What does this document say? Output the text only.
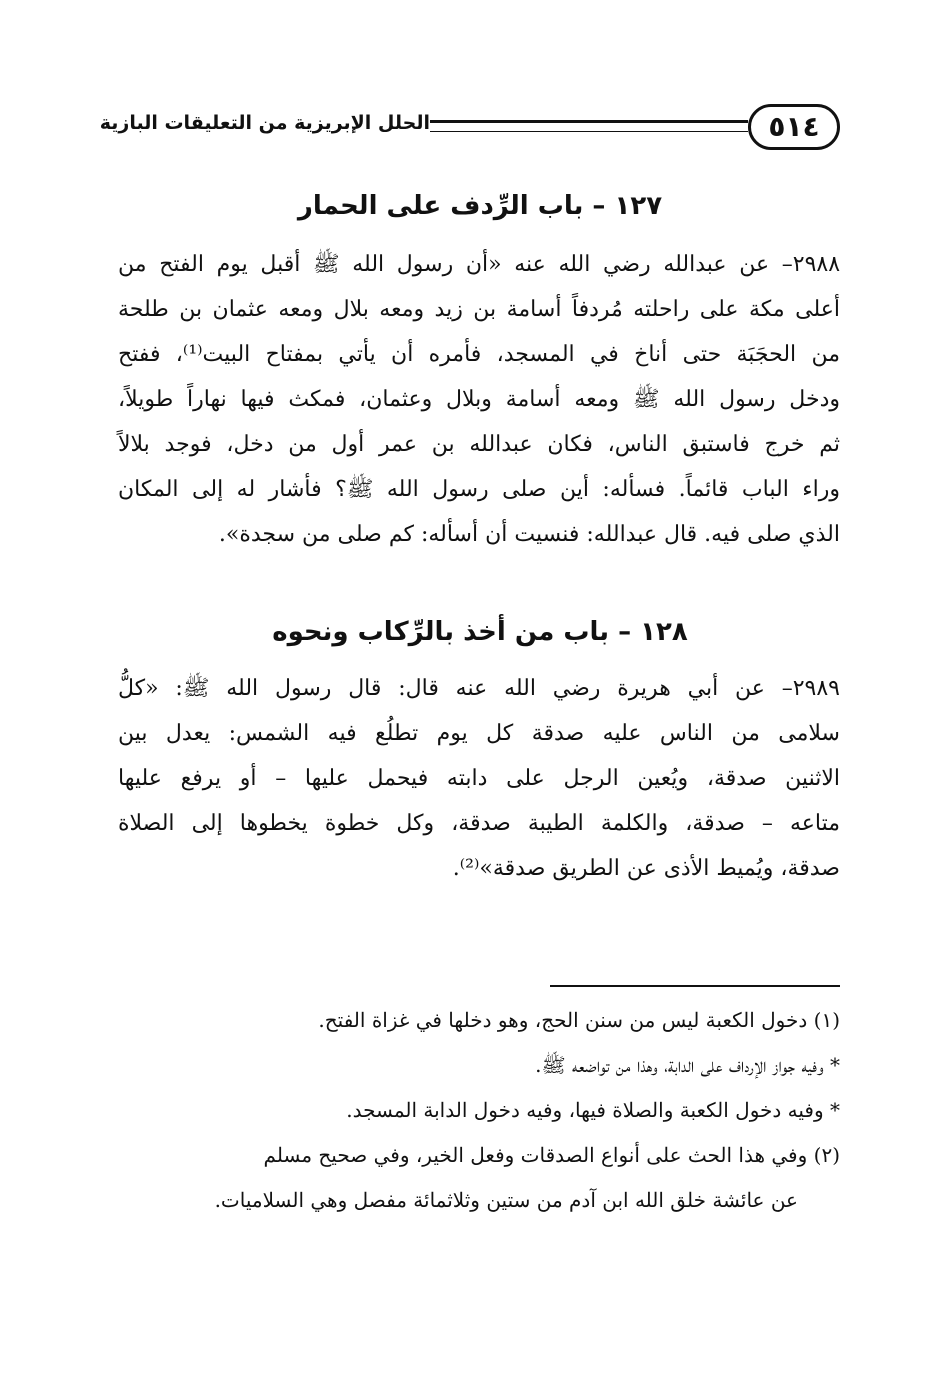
٥١٤
الحلل الإبريزية من التعليقات البازية
١٢٧ – باب الرِّدف على الحمار
٢٩٨٨– عن عبدالله رضي الله عنه «أن رسول الله ﷺ أقبل يوم الفتح من
أعلى مكة على راحلته مُردفاً أسامة بن زيد ومعه بلال ومعه عثمان بن طلحة
من الحجَبَة حتى أناخ في المسجد، فأمره أن يأتي بمفتاح البيت⁽¹⁾، ففتح
ودخل رسول الله ﷺ ومعه أسامة وبلال وعثمان، فمكث فيها نهاراً طويلاً،
ثم خرج فاستبق الناس، فكان عبدالله بن عمر أول من دخل، فوجد بلالاً
وراء الباب قائماً. فسأله: أين صلى رسول الله ﷺ؟ فأشار له إلى المكان
الذي صلى فيه. قال عبدالله: فنسيت أن أسأله: كم صلى من سجدة».
١٢٨ – باب من أخذ بالرِّكاب ونحوه
٢٩٨٩– عن أبي هريرة رضي الله عنه قال: قال رسول الله ﷺ: «كلُّ
سلامى من الناس عليه صدقة كل يوم تطلُع فيه الشمس: يعدل بين
الاثنين صدقة، ويُعين الرجل على دابته فيحمل عليها – أو يرفع عليها
متاعه – صدقة، والكلمة الطيبة صدقة، وكل خطوة يخطوها إلى الصلاة
صدقة، ويُميط الأذى عن الطريق صدقة»⁽²⁾.
(١) دخول الكعبة ليس من سنن الحج، وهو دخلها في غزاة الفتح.
* وفيه جواز الإرداف على الدابة، وهذا من تواضعه ﷺ.
* وفيه دخول الكعبة والصلاة فيها، وفيه دخول الدابة المسجد.
(٢) وفي هذا الحث على أنواع الصدقات وفعل الخير، وفي صحيح مسلم
عن عائشة خلق الله ابن آدم من ستين وثلاثمائة مفصل وهي السلاميات.
